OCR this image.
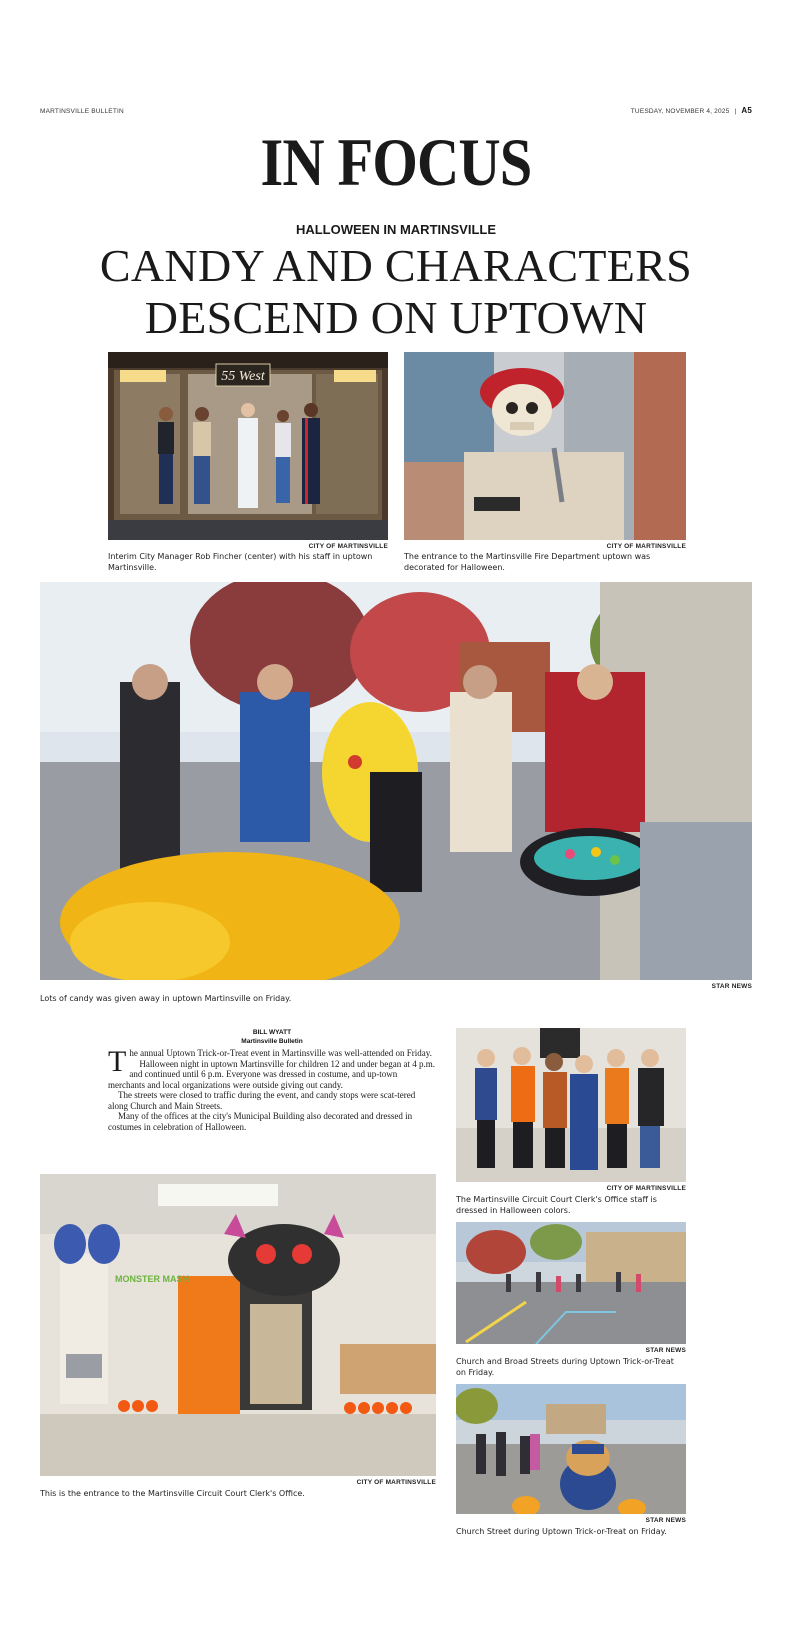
MARTINSVILLE BULLETIN	TUESDAY, NOVEMBER 4, 2025 | A5
IN FOCUS
HALLOWEEN IN MARTINSVILLE
CANDY AND CHARACTERS
DESCEND ON UPTOWN
55 West
CITY OF MARTINSVILLE
Interim City Manager Rob Fincher (center) with his staff in uptown Martinsville.
CITY OF MARTINSVILLE
The entrance to the Martinsville Fire Department uptown was decorated for Halloween.
STAR NEWS
Lots of candy was given away in uptown Martinsville on Friday.
BILL WYATT
Martinsville Bulletin

The annual Uptown Trick-or-Treat event in Martinsville was well-attended on Friday.

Halloween night in uptown Martinsville for children 12 and under began at 4 p.m. and continued until 6 p.m. Everyone was dressed in costume, and up-town merchants and local organizations were outside giving out candy.

The streets were closed to traffic during the event, and candy stops were scat-tered along Church and Main Streets.

Many of the offices at the city's Municipal Building also decorated and dressed in costumes in celebration of Halloween.

CITY OF MARTINSVILLE
The Martinsville Circuit Court Clerk's Office staff is dressed in Halloween colors.
STAR NEWS
Church and Broad Streets during Uptown Trick-or-Treat on Friday.
MONSTER MASH
CITY OF MARTINSVILLE
This is the entrance to the Martinsville Circuit Court Clerk's Office.
STAR NEWS
Church Street during Uptown Trick-or-Treat on Friday.
